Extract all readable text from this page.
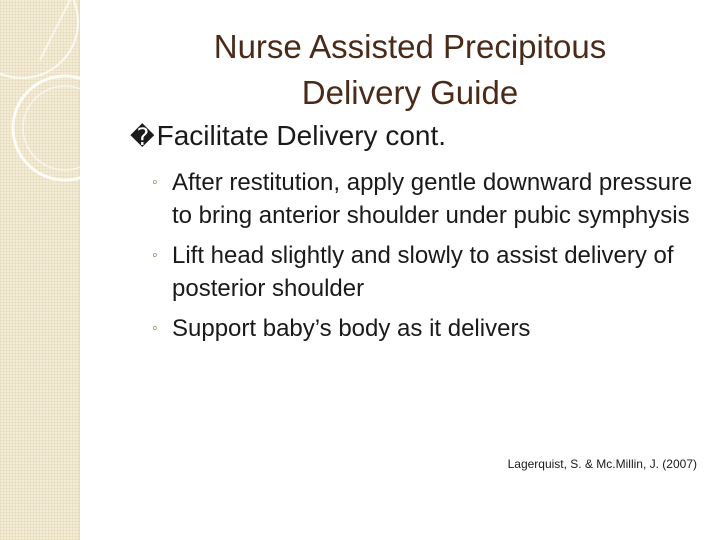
Nurse Assisted Precipitous
Delivery Guide
�Facilitate Delivery cont.
◦ After restitution, apply gentle downward pressure to bring anterior shoulder under pubic symphysis
◦ Lift head slightly and slowly to assist delivery of posterior shoulder
◦ Support baby’s body as it delivers
Lagerquist, S. & Mc.Millin, J. (2007)
